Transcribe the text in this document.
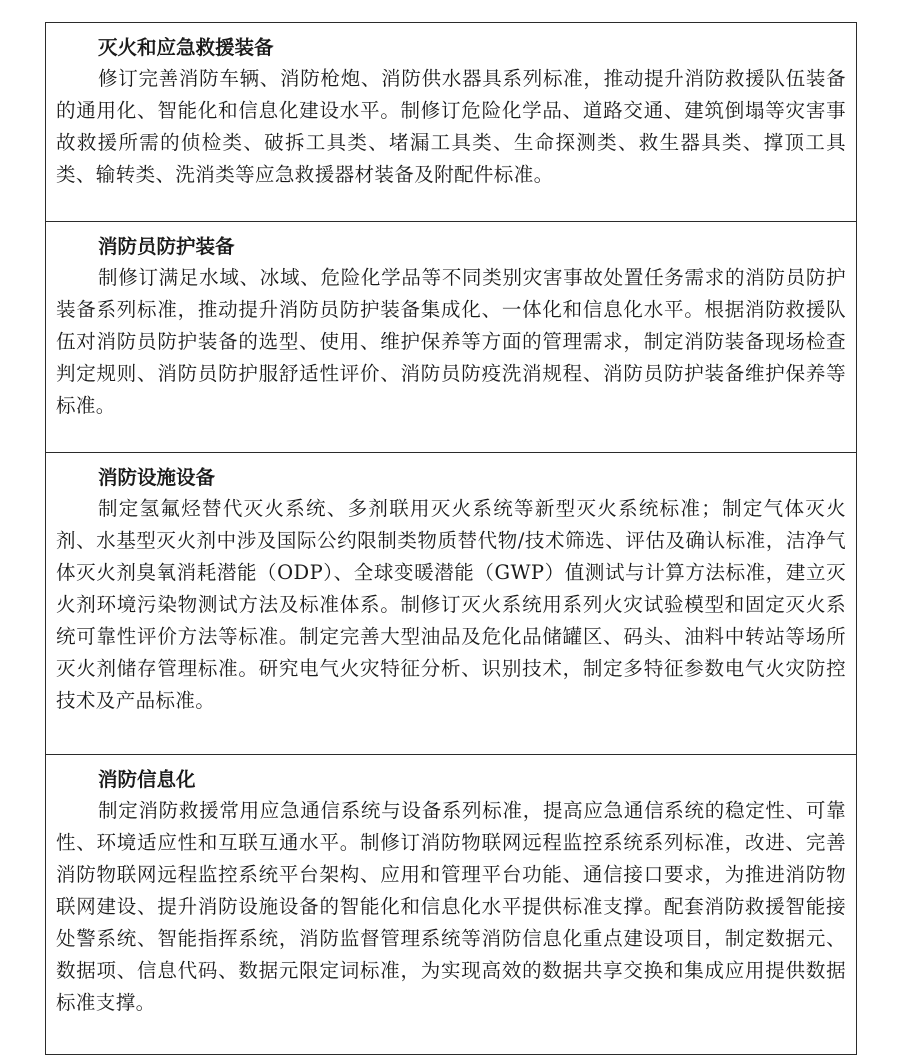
灭火和应急救援装备

修订完善消防车辆、消防枪炮、消防供水器具系列标准，推动提升消防救援队伍装备的通用化、智能化和信息化建设水平。制修订危险化学品、道路交通、建筑倒塌等灾害事故救援所需的侦检类、破拆工具类、堵漏工具类、生命探测类、救生器具类、撑顶工具类、输转类、洗消类等应急救援器材装备及附配件标准。

消防员防护装备

制修订满足水域、冰域、危险化学品等不同类别灾害事故处置任务需求的消防员防护装备系列标准，推动提升消防员防护装备集成化、一体化和信息化水平。根据消防救援队伍对消防员防护装备的选型、使用、维护保养等方面的管理需求，制定消防装备现场检查判定规则、消防员防护服舒适性评价、消防员防疫洗消规程、消防员防护装备维护保养等标准。

消防设施设备

制定氢氟烃替代灭火系统、多剂联用灭火系统等新型灭火系统标准；制定气体灭火剂、水基型灭火剂中涉及国际公约限制类物质替代物/技术筛选、评估及确认标准，洁净气体灭火剂臭氧消耗潜能（ODP）、全球变暖潜能（GWP）值测试与计算方法标准，建立灭火剂环境污染物测试方法及标准体系。制修订灭火系统用系列火灾试验模型和固定灭火系统可靠性评价方法等标准。制定完善大型油品及危化品储罐区、码头、油料中转站等场所灭火剂储存管理标准。研究电气火灾特征分析、识别技术，制定多特征参数电气火灾防控技术及产品标准。

消防信息化

制定消防救援常用应急通信系统与设备系列标准，提高应急通信系统的稳定性、可靠性、环境适应性和互联互通水平。制修订消防物联网远程监控系统系列标准，改进、完善消防物联网远程监控系统平台架构、应用和管理平台功能、通信接口要求，为推进消防物联网建设、提升消防设施设备的智能化和信息化水平提供标准支撑。配套消防救援智能接处警系统、智能指挥系统，消防监督管理系统等消防信息化重点建设项目，制定数据元、数据项、信息代码、数据元限定词标准，为实现高效的数据共享交换和集成应用提供数据标准支撑。
